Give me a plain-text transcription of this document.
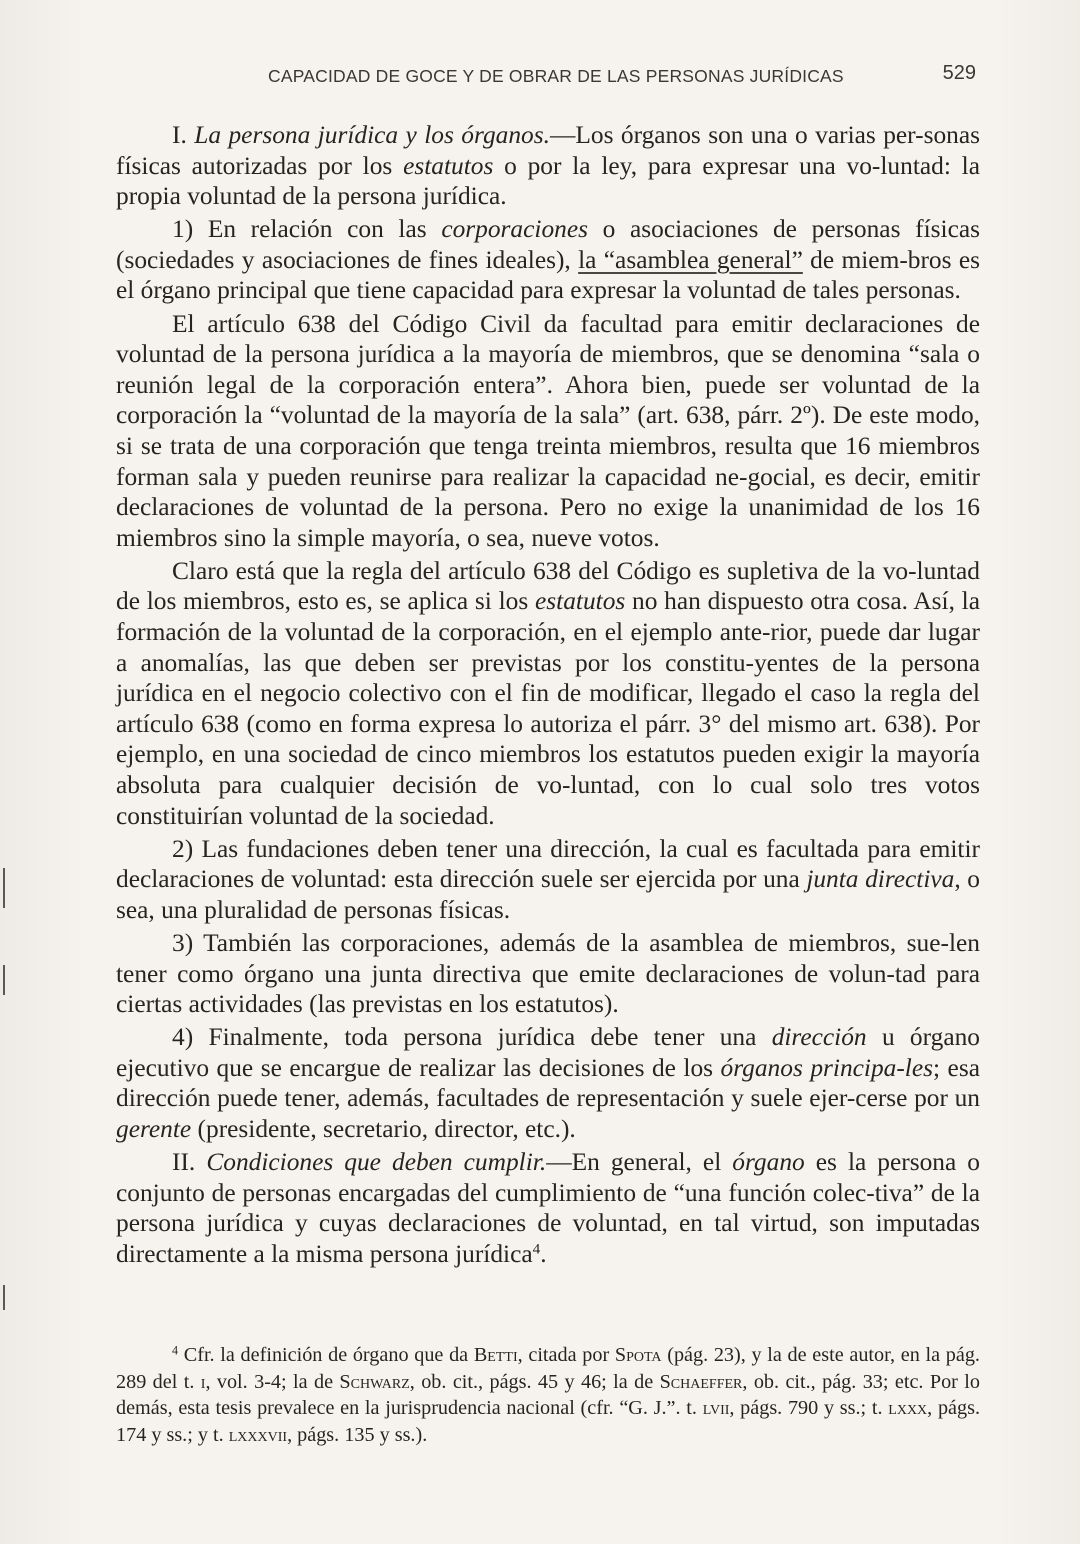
CAPACIDAD DE GOCE Y DE OBRAR DE LAS PERSONAS JURÍDICAS	529

I. La persona jurídica y los órganos.—Los órganos son una o varias per-sonas físicas autorizadas por los estatutos o por la ley, para expresar una vo-luntad: la propia voluntad de la persona jurídica.

1) En relación con las corporaciones o asociaciones de personas físicas (sociedades y asociaciones de fines ideales), la “asamblea general” de miem-bros es el órgano principal que tiene capacidad para expresar la voluntad de tales personas.

El artículo 638 del Código Civil da facultad para emitir declaraciones de voluntad de la persona jurídica a la mayoría de miembros, que se denomina “sala o reunión legal de la corporación entera”. Ahora bien, puede ser voluntad de la corporación la “voluntad de la mayoría de la sala” (art. 638, párr. 2º). De este modo, si se trata de una corporación que tenga treinta miembros, resulta que 16 miembros forman sala y pueden reunirse para realizar la capacidad ne-gocial, es decir, emitir declaraciones de voluntad de la persona. Pero no exige la unanimidad de los 16 miembros sino la simple mayoría, o sea, nueve votos.

Claro está que la regla del artículo 638 del Código es supletiva de la vo-luntad de los miembros, esto es, se aplica si los estatutos no han dispuesto otra cosa. Así, la formación de la voluntad de la corporación, en el ejemplo ante-rior, puede dar lugar a anomalías, las que deben ser previstas por los constitu-yentes de la persona jurídica en el negocio colectivo con el fin de modificar, llegado el caso la regla del artículo 638 (como en forma expresa lo autoriza el párr. 3° del mismo art. 638). Por ejemplo, en una sociedad de cinco miembros los estatutos pueden exigir la mayoría absoluta para cualquier decisión de vo-luntad, con lo cual solo tres votos constituirían voluntad de la sociedad.

2) Las fundaciones deben tener una dirección, la cual es facultada para emitir declaraciones de voluntad: esta dirección suele ser ejercida por una junta directiva, o sea, una pluralidad de personas físicas.

3) También las corporaciones, además de la asamblea de miembros, sue-len tener como órgano una junta directiva que emite declaraciones de volun-tad para ciertas actividades (las previstas en los estatutos).

4) Finalmente, toda persona jurídica debe tener una dirección u órgano ejecutivo que se encargue de realizar las decisiones de los órganos principa-les; esa dirección puede tener, además, facultades de representación y suele ejer-cerse por un gerente (presidente, secretario, director, etc.).

II. Condiciones que deben cumplir.—En general, el órgano es la persona o conjunto de personas encargadas del cumplimiento de “una función colec-tiva” de la persona jurídica y cuyas declaraciones de voluntad, en tal virtud, son imputadas directamente a la misma persona jurídica$^4$.

$^4$ Cfr. la definición de órgano que da Betti, citada por Spota (pág. 23), y la de este autor, en la pág. 289 del t. i, vol. 3-4; la de Schwarz, ob. cit., págs. 45 y 46; la de Schaeffer, ob. cit., pág. 33; etc. Por lo demás, esta tesis prevalece en la jurisprudencia nacional (cfr. “G. J.”. t. lvii, págs. 790 y ss.; t. lxxx, págs. 174 y ss.; y t. lxxxvii, págs. 135 y ss.).
